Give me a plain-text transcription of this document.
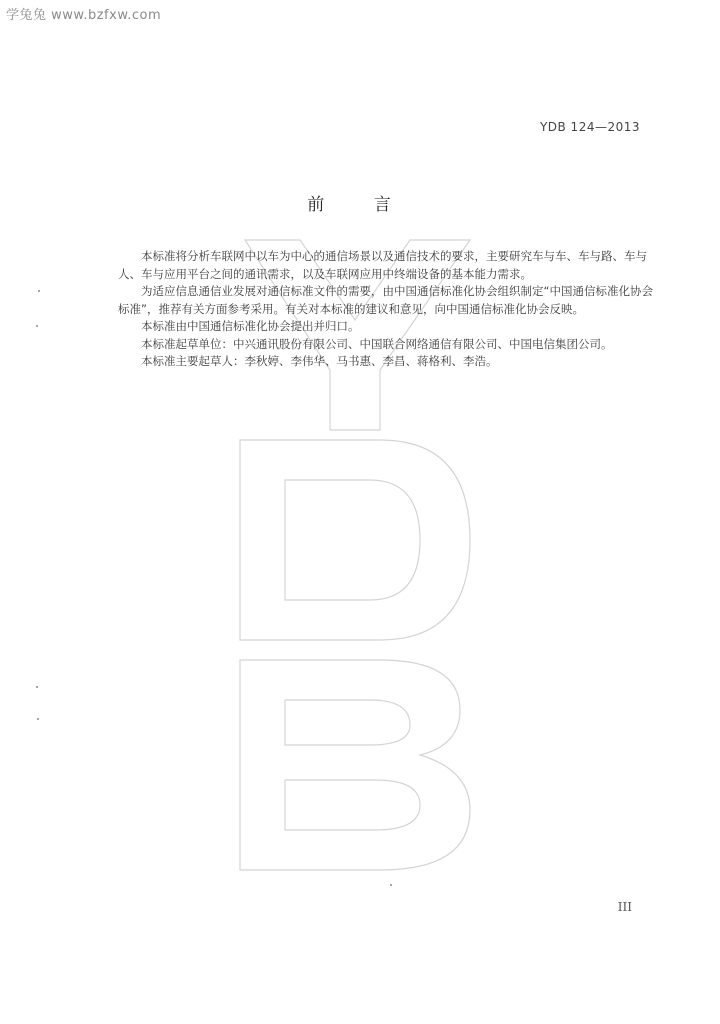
学兔兔 www.bzfxw.com
YDB 124—2013
前 言

本标准将分析车联网中以车为中心的通信场景以及通信技术的要求，主要研究车与车、车与路、车与人、车与应用平台之间的通讯需求，以及车联网应用中终端设备的基本能力需求。

为适应信息通信业发展对通信标准文件的需要，由中国通信标准化协会组织制定“中国通信标准化协会标准”，推荐有关方面参考采用。有关对本标准的建议和意见，向中国通信标准化协会反映。

本标准由中国通信标准化协会提出并归口。

本标准起草单位：中兴通讯股份有限公司、中国联合网络通信有限公司、中国电信集团公司。

本标准主要起草人：李秋婷、李伟华、马书惠、李昌、蒋格利、李浩。

III
